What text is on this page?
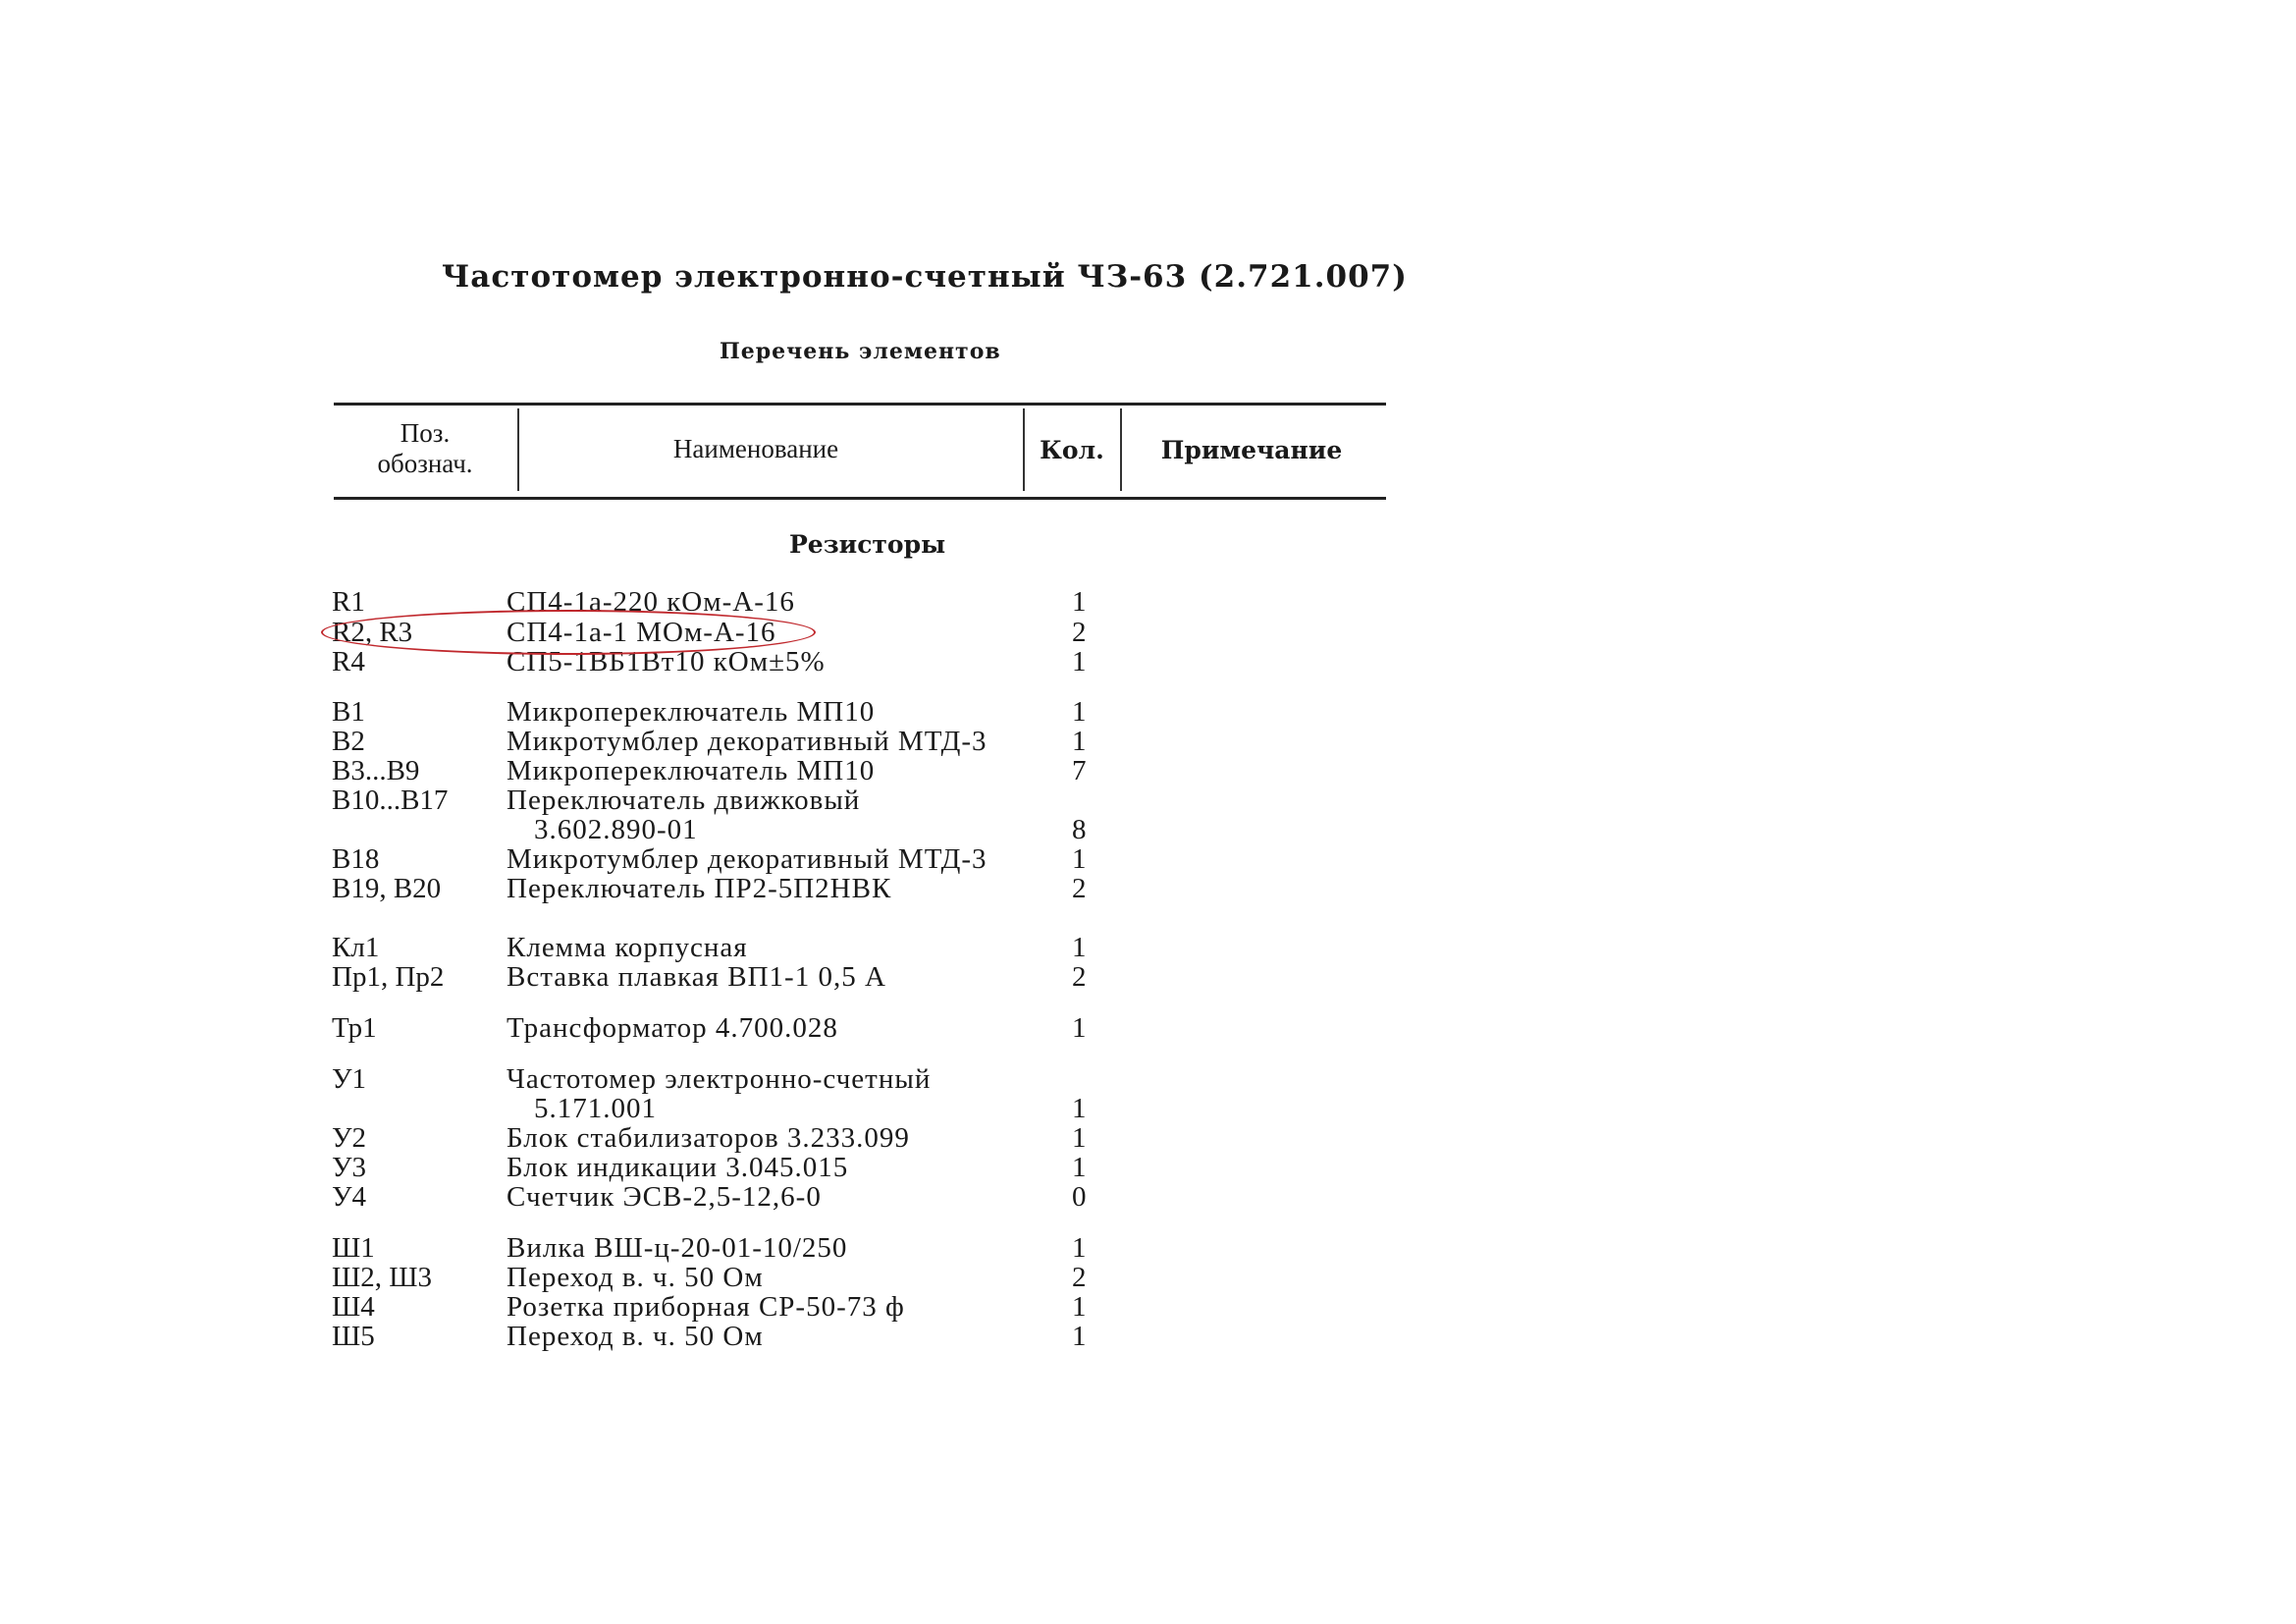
Частотомер электронно-счетный ЧЗ-63 (2.721.007)
Перечень элементов
Поз.
обознач.	Наименование	Кол.	Примечание
Резисторы
R1	СП4-1а-220 кОм-А-16	1
R2, R3	СП4-1а-1 МОм-А-16	2
R4	СП5-1ВБ1Вт10 кОм±5%	1
B1	Микропереключатель МП10	1
B2	Микротумблер декоративный МТД-3	1
B3...B9	Микропереключатель МП10	7
B10...B17 Переключатель движковый
3.602.890-01	8
B18	Микротумблер декоративный МТД-3	1
B19, B20 Переключатель ПР2-5П2НВК	2
Кл1	Клемма корпусная	1
Пр1, Пр2 Вставка плавкая ВП1-1 0,5 А	2
Тр1	Трансформатор 4.700.028	1
У1	Частотомер электронно-счетный
5.171.001	1
У2	Блок стабилизаторов 3.233.099	1
У3	Блок индикации 3.045.015	1
У4	Счетчик ЭСВ-2,5-12,6-0	0
Ш1	Вилка ВШ-ц-20-01-10/250	1
Ш2, Ш3	Переход в. ч. 50 Ом	2
Ш4	Розетка приборная СР-50-73 ф	1
Ш5	Переход в. ч. 50 Ом	1
